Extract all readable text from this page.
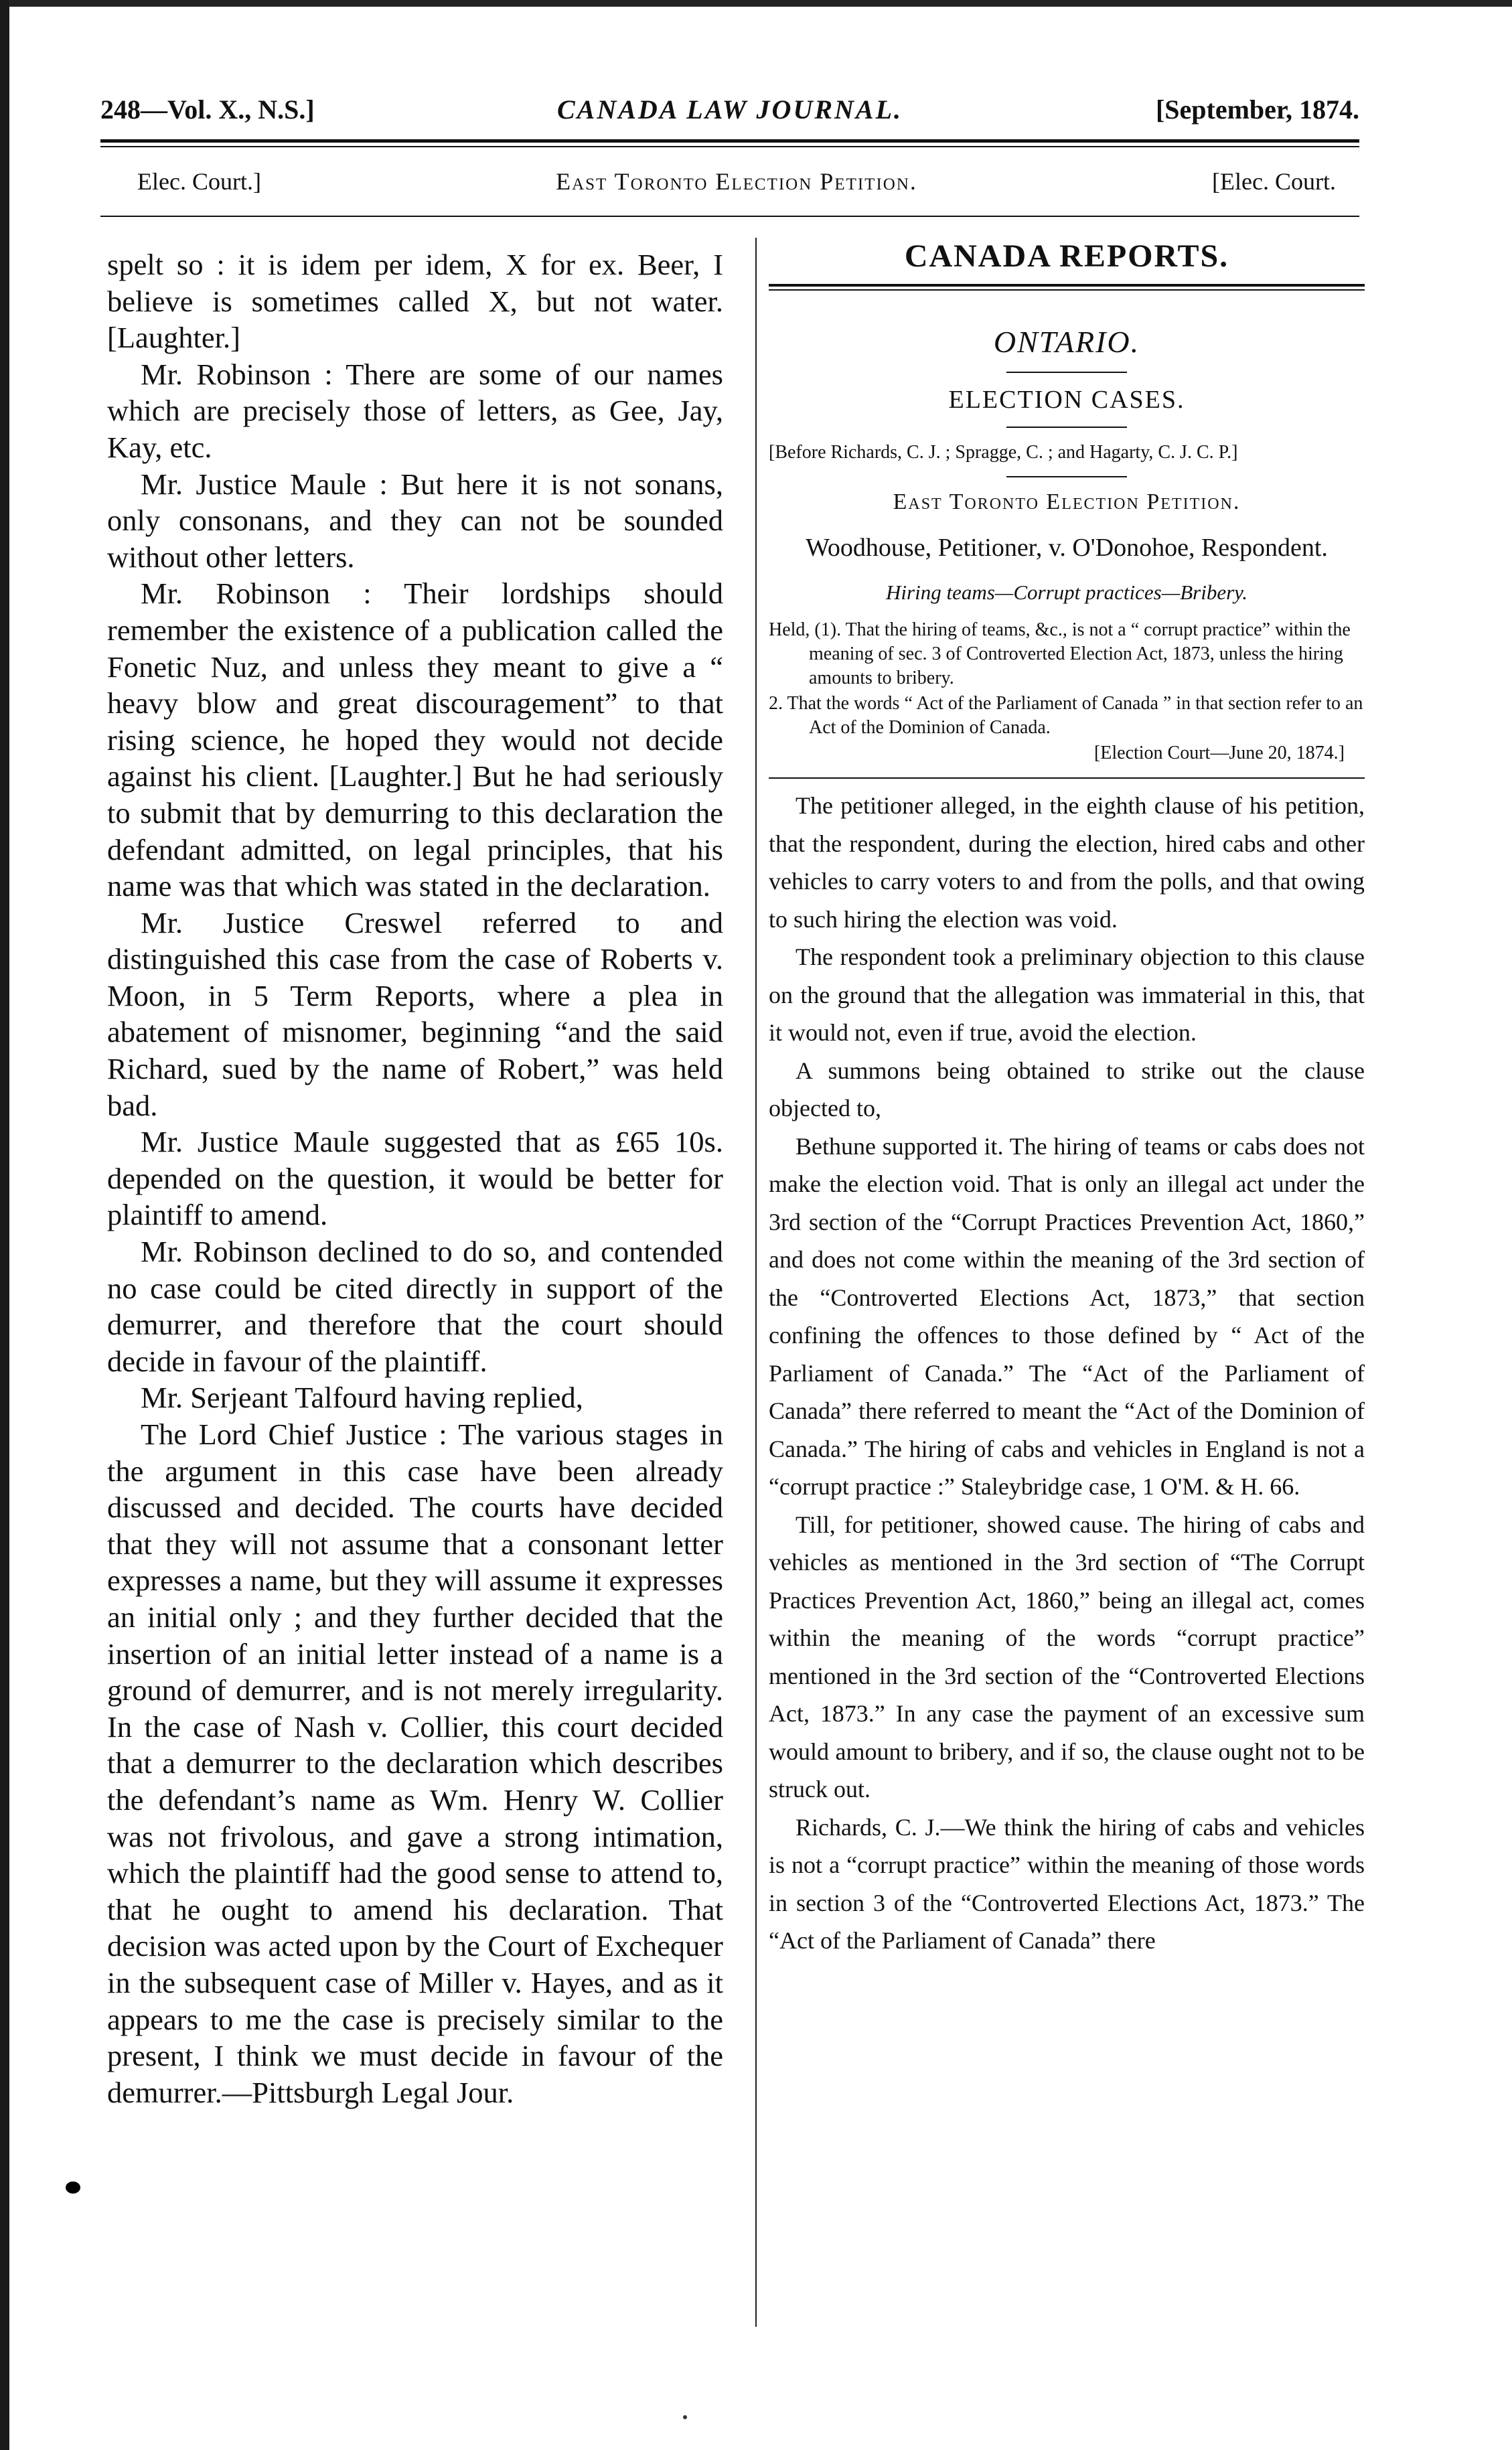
248—Vol. X., N.S.]	CANADA LAW JOURNAL.	[September, 1874.
Elec. Court.]	East Toronto Election Petition.	[Elec. Court.

spelt so : it is idem per idem, X for ex. Beer, I believe is sometimes called X, but not water. [Laughter.]

Mr. Robinson : There are some of our names which are precisely those of letters, as Gee, Jay, Kay, etc.

Mr. Justice Maule : But here it is not sonans, only consonans, and they can not be sounded without other letters.

Mr. Robinson : Their lordships should remember the existence of a publication called the Fonetic Nuz, and unless they meant to give a “ heavy blow and great discouragement” to that rising science, he hoped they would not decide against his client. [Laughter.] But he had seriously to submit that by demurring to this declaration the defendant admitted, on legal principles, that his name was that which was stated in the declaration.

Mr. Justice Creswel referred to and distinguished this case from the case of Roberts v. Moon, in 5 Term Reports, where a plea in abatement of misnomer, beginning “and the said Richard, sued by the name of Robert,” was held bad.

Mr. Justice Maule suggested that as £65 10s. depended on the question, it would be better for plaintiff to amend.

Mr. Robinson declined to do so, and contended no case could be cited directly in support of the demurrer, and therefore that the court should decide in favour of the plaintiff.

Mr. Serjeant Talfourd having replied,

The Lord Chief Justice : The various stages in the argument in this case have been already discussed and decided. The courts have decided that they will not assume that a consonant letter expresses a name, but they will assume it expresses an initial only ; and they further decided that the insertion of an initial letter instead of a name is a ground of demurrer, and is not merely irregularity. In the case of Nash v. Collier, this court decided that a demurrer to the declaration which describes the defendant’s name as Wm. Henry W. Collier was not frivolous, and gave a strong intimation, which the plaintiff had the good sense to attend to, that he ought to amend his declaration. That decision was acted upon by the Court of Exchequer in the subsequent case of Miller v. Hayes, and as it appears to me the case is precisely similar to the present, I think we must decide in favour of the demurrer.—Pittsburgh Legal Jour.

CANADA REPORTS.
ONTARIO.
ELECTION CASES.
[Before Richards, C. J. ; Spragge, C. ; and Hagarty, C. J. C. P.]
East Toronto Election Petition.
Woodhouse, Petitioner, v. O'Donohoe, Respondent.
Hiring teams—Corrupt practices—Bribery.
Held, (1). That the hiring of teams, &c., is not a “ corrupt practice” within the meaning of sec. 3 of Controverted Election Act, 1873, unless the hiring amounts to bribery.
2. That the words “ Act of the Parliament of Canada ” in that section refer to an Act of the Dominion of Canada.
[Election Court—June 20, 1874.]

The petitioner alleged, in the eighth clause of his petition, that the respondent, during the election, hired cabs and other vehicles to carry voters to and from the polls, and that owing to such hiring the election was void.

The respondent took a preliminary objection to this clause on the ground that the allegation was immaterial in this, that it would not, even if true, avoid the election.

A summons being obtained to strike out the clause objected to,

Bethune supported it. The hiring of teams or cabs does not make the election void. That is only an illegal act under the 3rd section of the “Corrupt Practices Prevention Act, 1860,” and does not come within the meaning of the 3rd section of the “Controverted Elections Act, 1873,” that section confining the offences to those defined by “ Act of the Parliament of Canada.” The “Act of the Parliament of Canada” there referred to meant the “Act of the Dominion of Canada.” The hiring of cabs and vehicles in England is not a “corrupt practice :” Staleybridge case, 1 O'M. & H. 66.

Till, for petitioner, showed cause. The hiring of cabs and vehicles as mentioned in the 3rd section of “The Corrupt Practices Prevention Act, 1860,” being an illegal act, comes within the meaning of the words “corrupt practice” mentioned in the 3rd section of the “Controverted Elections Act, 1873.” In any case the payment of an excessive sum would amount to bribery, and if so, the clause ought not to be struck out.

Richards, C. J.—We think the hiring of cabs and vehicles is not a “corrupt practice” within the meaning of those words in section 3 of the “Controverted Elections Act, 1873.” The “Act of the Parliament of Canada” there
